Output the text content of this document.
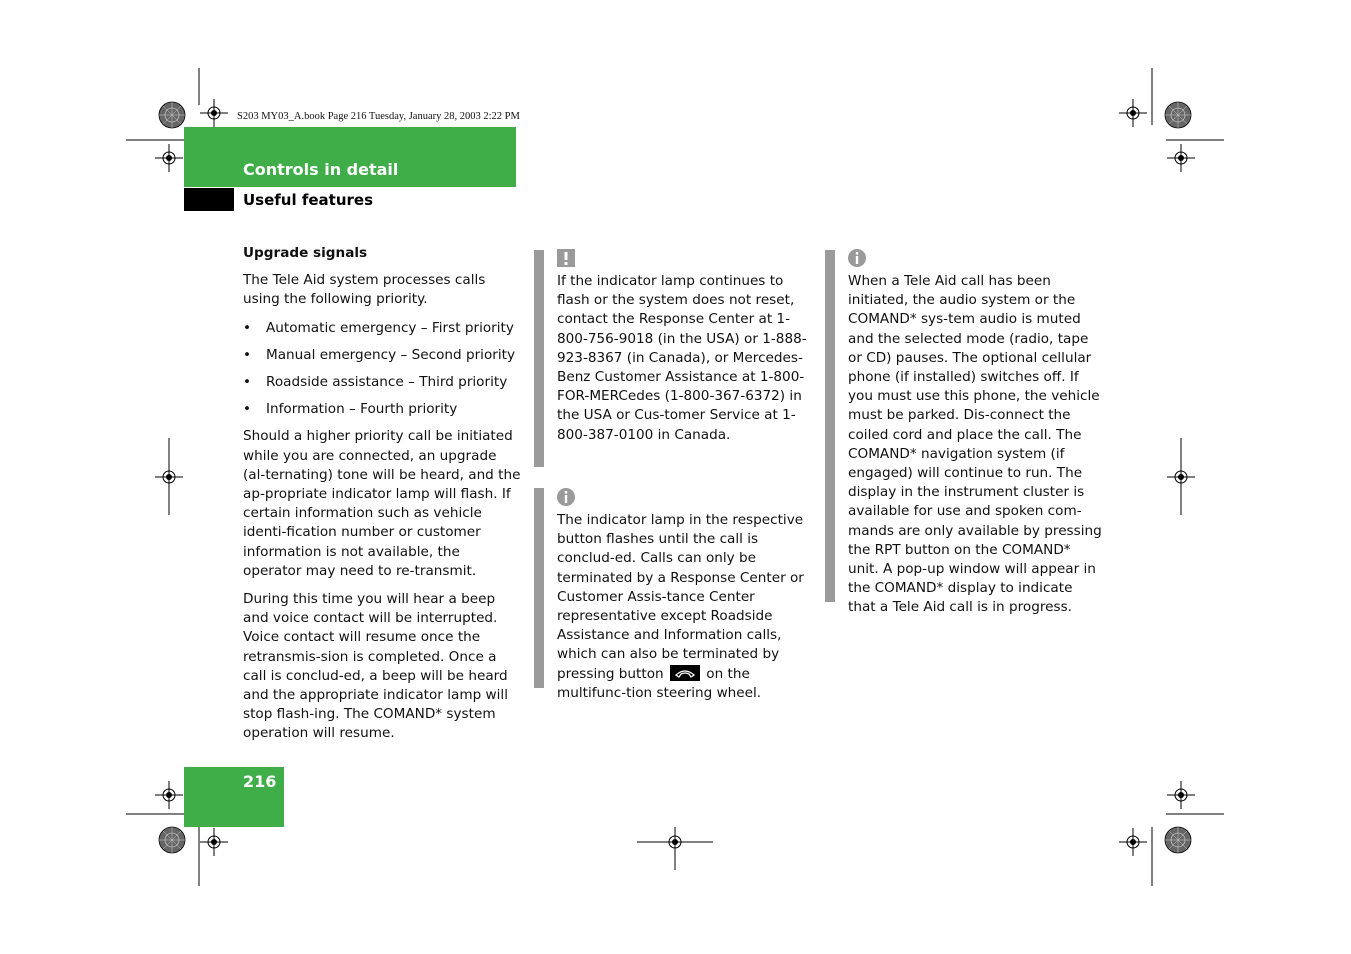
S203 MY03_A.book Page 216 Tuesday, January 28, 2003 2:22 PM
Controls in detail
Useful features
Upgrade signals

The Tele Aid system processes calls using the following priority.

• Automatic emergency – First priority
• Manual emergency – Second priority
• Roadside assistance – Third priority
• Information – Fourth priority

Should a higher priority call be initiated while you are connected, an upgrade (al-ternating) tone will be heard, and the ap-propriate indicator lamp will flash. If certain information such as vehicle identi-fication number or customer information is not available, the operator may need to re-transmit.

During this time you will hear a beep and voice contact will be interrupted. Voice contact will resume once the retransmis-sion is completed. Once a call is conclud-ed, a beep will be heard and the appropriate indicator lamp will stop flash-ing. The COMAND* system operation will resume.

If the indicator lamp continues to flash or the system does not reset, contact the Response Center at 1-800-756-9018 (in the USA) or 1-888-923-8367 (in Canada), or Mercedes-Benz Customer Assistance at 1-800-FOR-MERCedes (1-800-367-6372) in the USA or Cus-tomer Service at 1-800-387-0100 in Canada.

The indicator lamp in the respective button flashes until the call is conclud-ed. Calls can only be terminated by a Response Center or Customer Assis-tance Center representative except Roadside Assistance and Information calls, which can also be terminated by pressing button	on the multifunc-tion steering wheel.

When a Tele Aid call has been initiated, the audio system or the COMAND* sys-tem audio is muted and the selected mode (radio, tape or CD) pauses. The optional cellular phone (if installed) switches off. If you must use this phone, the vehicle must be parked. Dis-connect the coiled cord and place the call. The COMAND* navigation system (if engaged) will continue to run. The display in the instrument cluster is available for use and spoken com-mands are only available by pressing the RPT button on the COMAND* unit. A pop-up window will appear in the COMAND* display to indicate that a Tele Aid call is in progress.

216
